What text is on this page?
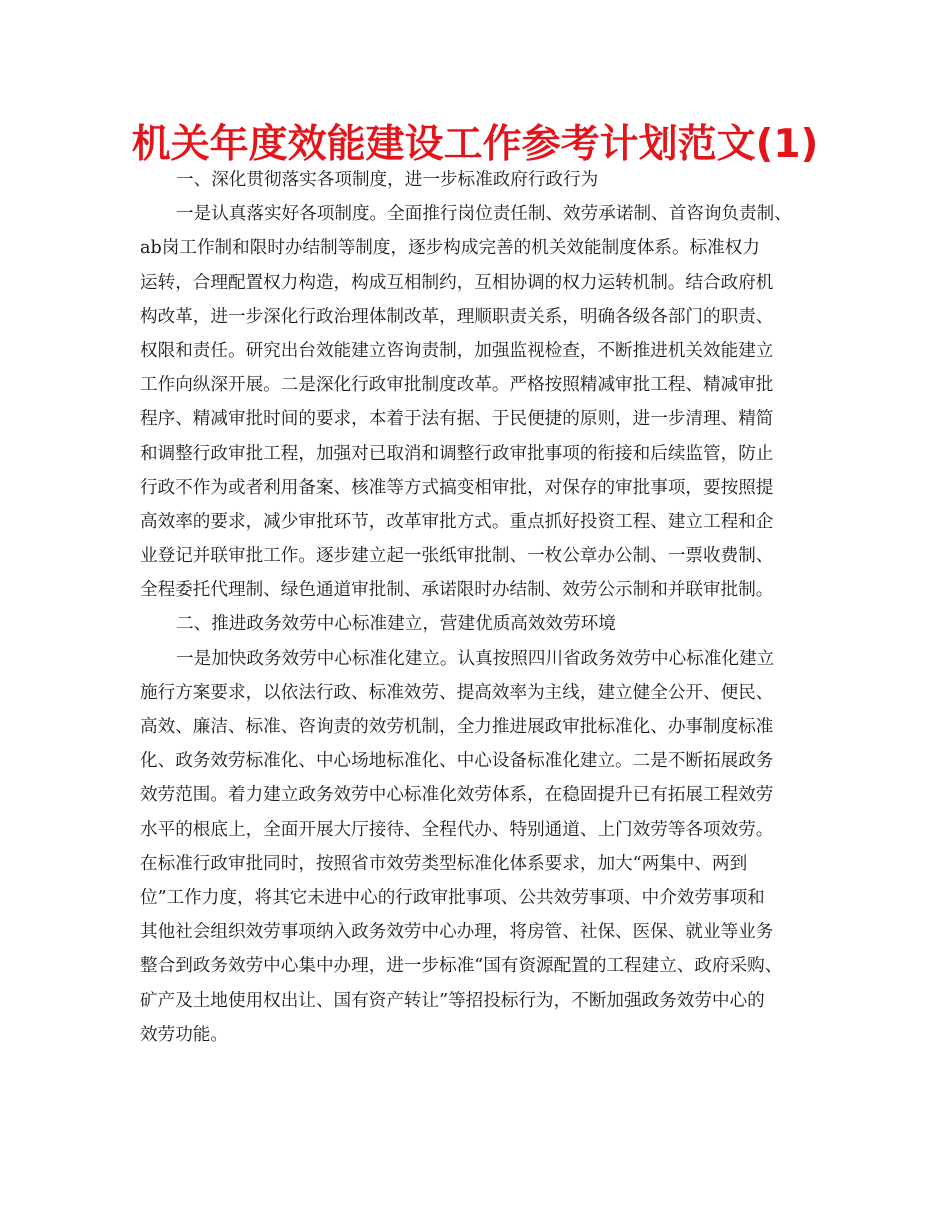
机关年度效能建设工作参考计划范文(1)
一、深化贯彻落实各项制度，进一步标准政府行政行为
一是认真落实好各项制度。全面推行岗位责任制、效劳承诺制、首咨询负责制、
ab岗工作制和限时办结制等制度，逐步构成完善的机关效能制度体系。标准权力
运转，合理配置权力构造，构成互相制约，互相协调的权力运转机制。结合政府机
构改革，进一步深化行政治理体制改革，理顺职责关系，明确各级各部门的职责、
权限和责任。研究出台效能建立咨询责制，加强监视检查，不断推进机关效能建立
工作向纵深开展。二是深化行政审批制度改革。严格按照精减审批工程、精减审批
程序、精减审批时间的要求，本着于法有据、于民便捷的原则，进一步清理、精简
和调整行政审批工程，加强对已取消和调整行政审批事项的衔接和后续监管，防止
行政不作为或者利用备案、核准等方式搞变相审批，对保存的审批事项，要按照提
高效率的要求，减少审批环节，改革审批方式。重点抓好投资工程、建立工程和企
业登记并联审批工作。逐步建立起一张纸审批制、一枚公章办公制、一票收费制、
全程委托代理制、绿色通道审批制、承诺限时办结制、效劳公示制和并联审批制。
二、推进政务效劳中心标准建立，营建优质高效效劳环境
一是加快政务效劳中心标准化建立。认真按照四川省政务效劳中心标准化建立
施行方案要求，以依法行政、标准效劳、提高效率为主线，建立健全公开、便民、
高效、廉洁、标准、咨询责的效劳机制，全力推进展政审批标准化、办事制度标准
化、政务效劳标准化、中心场地标准化、中心设备标准化建立。二是不断拓展政务
效劳范围。着力建立政务效劳中心标准化效劳体系，在稳固提升已有拓展工程效劳
水平的根底上，全面开展大厅接待、全程代办、特别通道、上门效劳等各项效劳。
在标准行政审批同时，按照省市效劳类型标准化体系要求，加大“两集中、两到
位”工作力度，将其它未进中心的行政审批事项、公共效劳事项、中介效劳事项和
其他社会组织效劳事项纳入政务效劳中心办理，将房管、社保、医保、就业等业务
整合到政务效劳中心集中办理，进一步标准“国有资源配置的工程建立、政府采购、
矿产及土地使用权出让、国有资产转让”等招投标行为，不断加强政务效劳中心的
效劳功能。
